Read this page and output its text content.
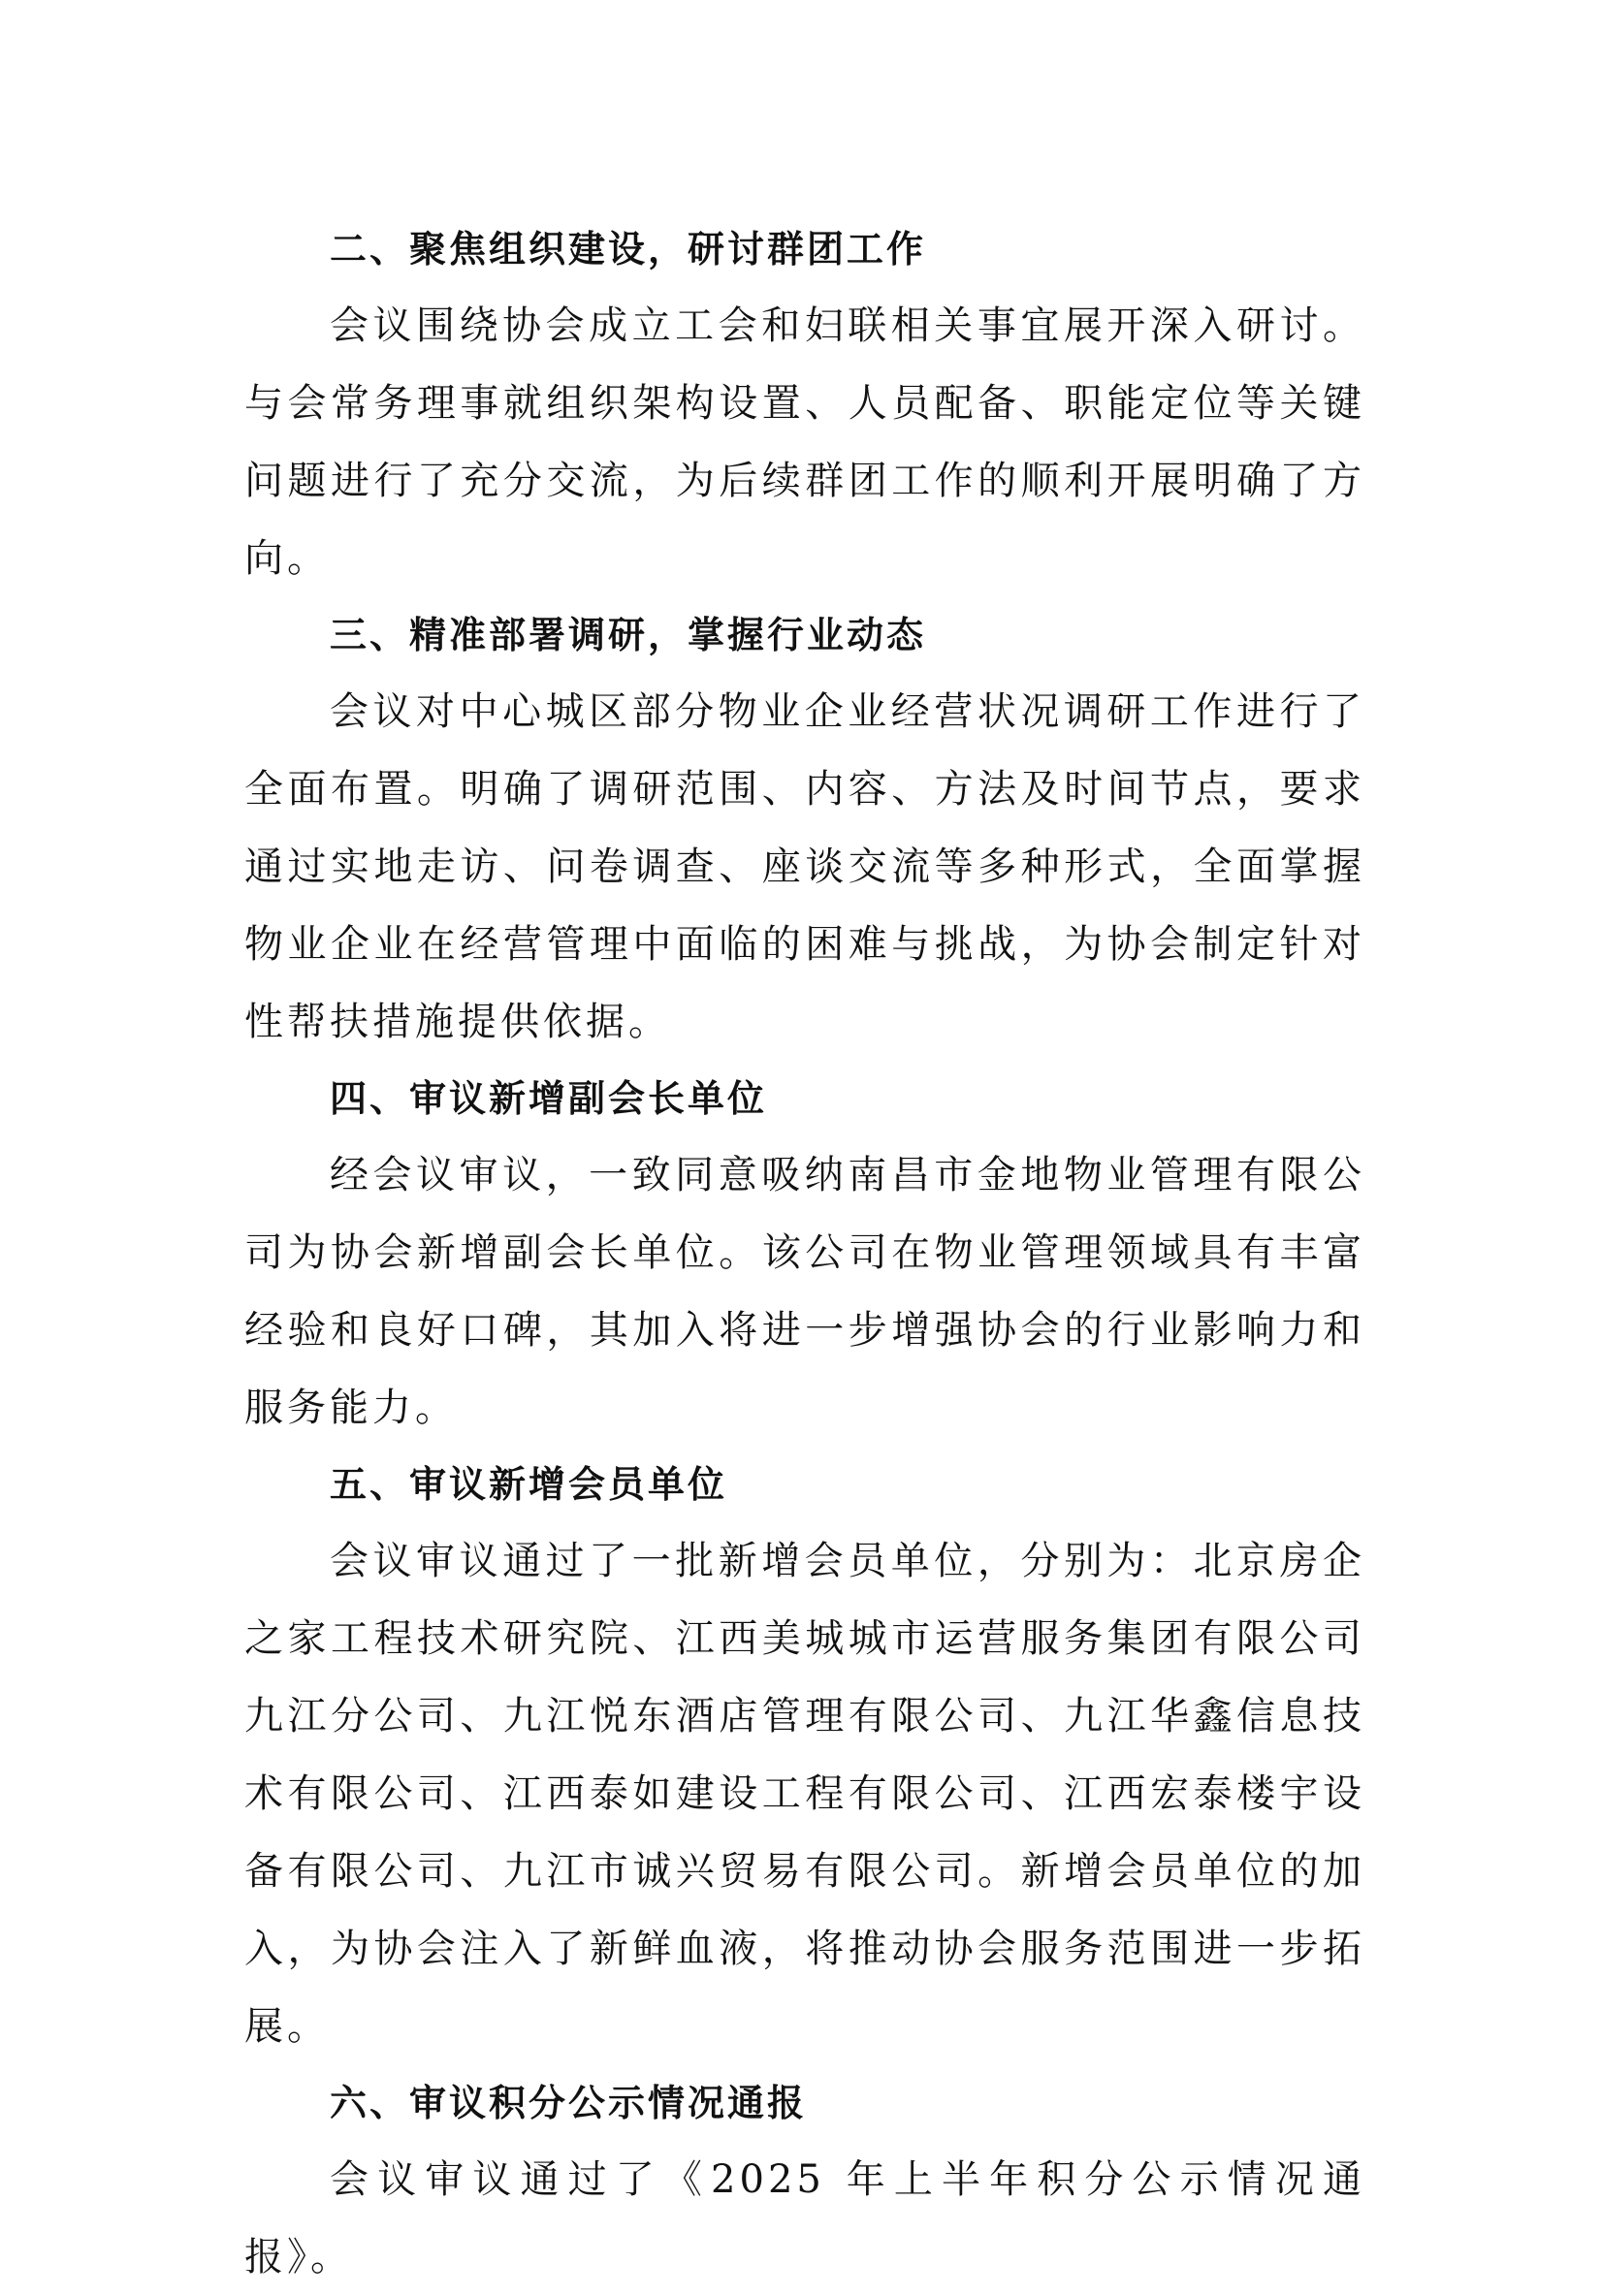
二、聚焦组织建设，研讨群团工作

会议围绕协会成立工会和妇联相关事宜展开深入研讨。与会常务理事就组织架构设置、人员配备、职能定位等关键问题进行了充分交流，为后续群团工作的顺利开展明确了方向。

三、精准部署调研，掌握行业动态

会议对中心城区部分物业企业经营状况调研工作进行了全面布置。明确了调研范围、内容、方法及时间节点，要求通过实地走访、问卷调查、座谈交流等多种形式，全面掌握物业企业在经营管理中面临的困难与挑战，为协会制定针对性帮扶措施提供依据。

四、审议新增副会长单位

经会议审议，一致同意吸纳南昌市金地物业管理有限公司为协会新增副会长单位。该公司在物业管理领域具有丰富经验和良好口碑，其加入将进一步增强协会的行业影响力和服务能力。

五、审议新增会员单位

会议审议通过了一批新增会员单位，分别为：北京房企之家工程技术研究院、江西美城城市运营服务集团有限公司九江分公司、九江悦东酒店管理有限公司、九江华鑫信息技术有限公司、江西泰如建设工程有限公司、江西宏泰楼宇设备有限公司、九江市诚兴贸易有限公司。新增会员单位的加入，为协会注入了新鲜血液，将推动协会服务范围进一步拓展。

六、审议积分公示情况通报

会议审议通过了《2025 年上半年积分公示情况通报》。
